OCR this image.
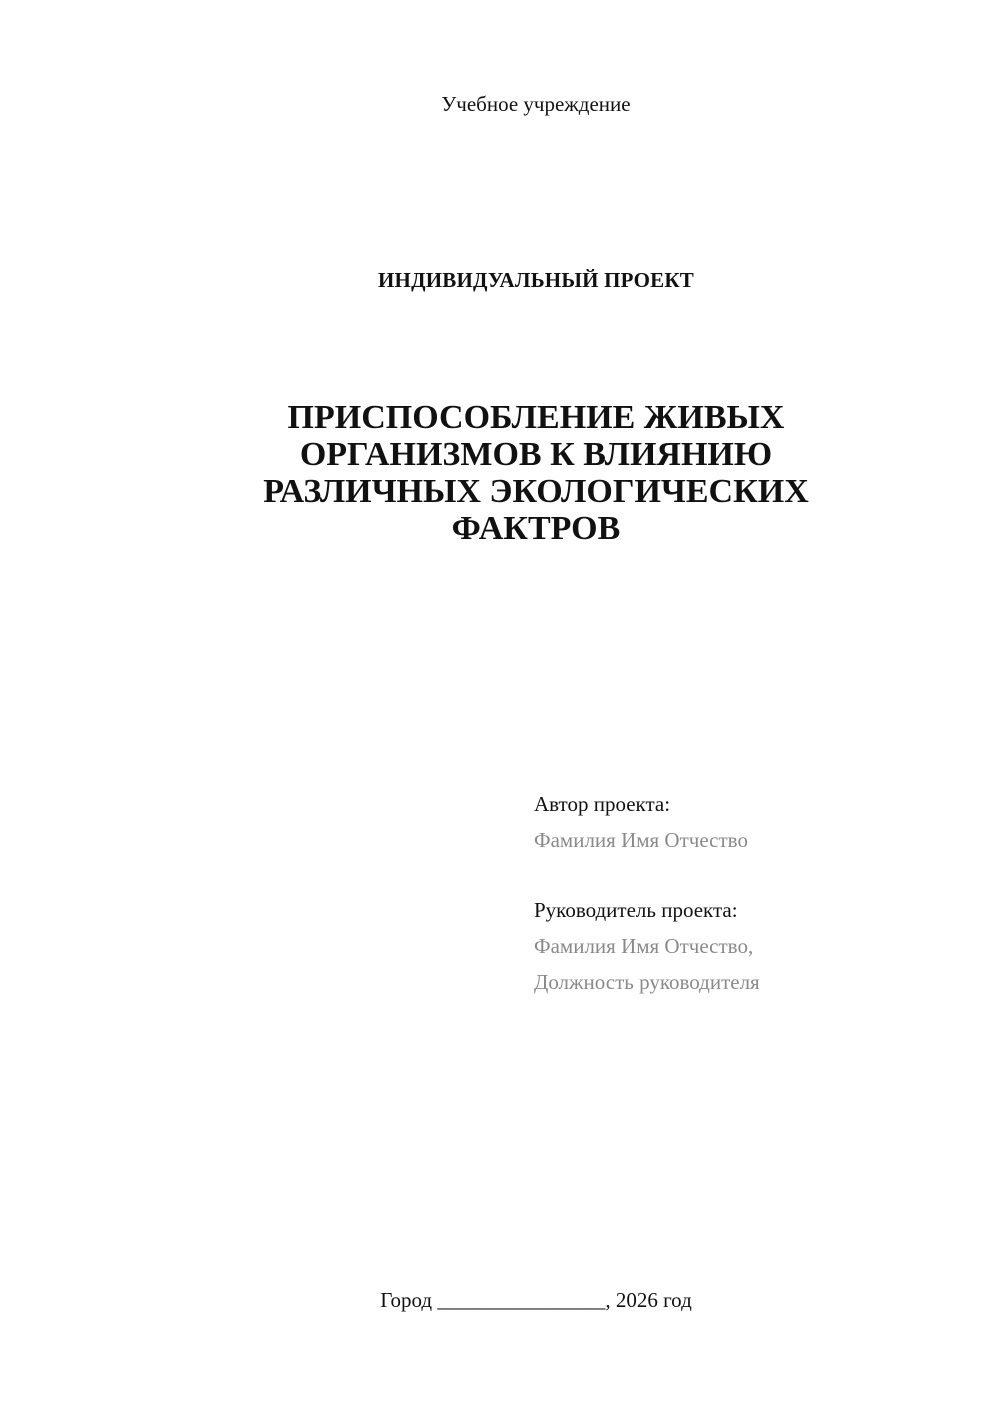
Учебное учреждение
ИНДИВИДУАЛЬНЫЙ ПРОЕКТ
ПРИСПОСОБЛЕНИЕ ЖИВЫХ
ОРГАНИЗМОВ К ВЛИЯНИЮ
РАЗЛИЧНЫХ ЭКОЛОГИЧЕСКИХ
ФАКТРОВ
Автор проекта:
Фамилия Имя Отчество
Руководитель проекта:
Фамилия Имя Отчество,
Должность руководителя
Город ________________, 2026 год
